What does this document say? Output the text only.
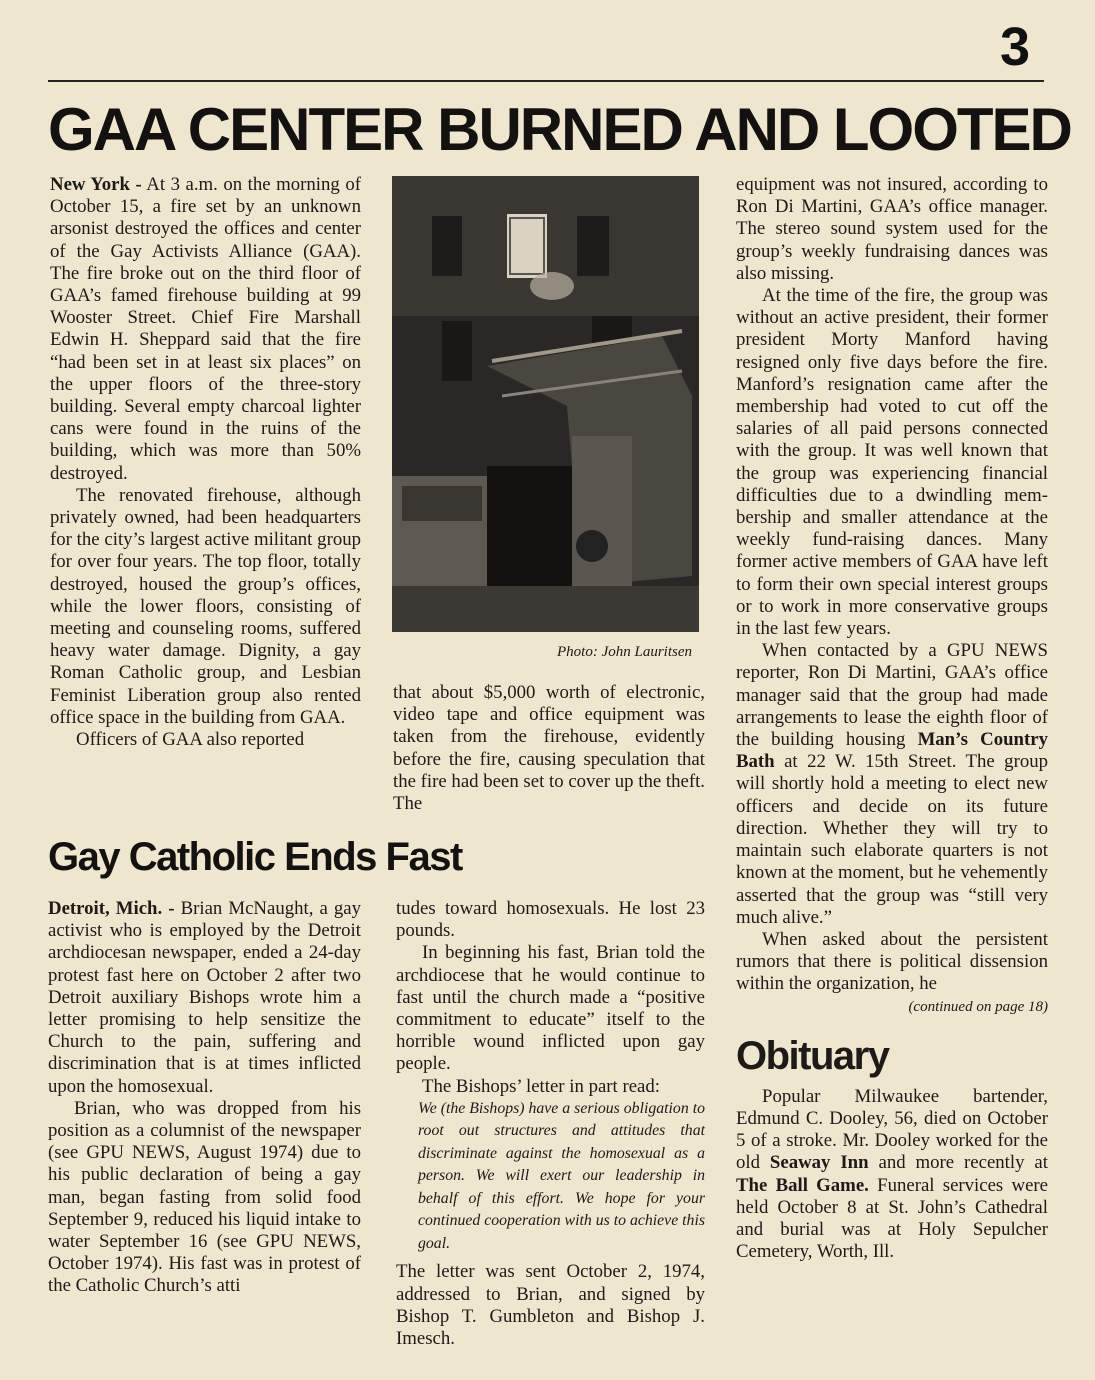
3
GAA CENTER BURNED AND LOOTED

New York - At 3 a.m. on the morning of October 15, a fire set by an unknown arsonist destroyed the offices and center of the Gay Activists Alliance (GAA). The fire broke out on the third floor of GAA’s famed firehouse building at 99 Wooster Street. Chief Fire Marshall Edwin H. Sheppard said that the fire “had been set in at least six places” on the upper floors of the three-story building. Several empty charcoal lighter cans were found in the ruins of the building, which was more than 50% destroyed.

The renovated firehouse, although privately owned, had been headquarters for the city’s largest active militant group for over four years. The top floor, totally destroyed, housed the group’s offices, while the lower floors, consisting of meeting and counseling rooms, suffered heavy water damage. Dignity, a gay Roman Catholic group, and Lesbian Feminist Liberation group also rented office space in the building from GAA.

Officers of GAA also reported

Photo: John Lauritsen

that about $5,000 worth of electronic, video tape and office equipment was taken from the firehouse, evidently before the fire, causing speculation that the fire had been set to cover up the theft. The

equipment was not insured, according to Ron Di Martini, GAA’s office manager. The stereo sound system used for the group’s weekly fundraising dances was also missing.

At the time of the fire, the group was without an active president, their former president Morty Manford having resigned only five days before the fire. Manford’s resignation came after the membership had voted to cut off the salaries of all paid persons connected with the group. It was well known that the group was experiencing financial difficulties due to a dwindling membership and smaller attendance at the weekly fund-raising dances. Many former active members of GAA have left to form their own special interest groups or to work in more conservative groups in the last few years.

When contacted by a GPU NEWS reporter, Ron Di Martini, GAA’s office manager said that the group had made arrangements to lease the eighth floor of the building housing Man’s Country Bath at 22 W. 15th Street. The group will shortly hold a meeting to elect new officers and decide on its future direction. Whether they will try to maintain such elaborate quarters is not known at the moment, but he vehemently asserted that the group was “still very much alive.”

When asked about the persistent rumors that there is political dissension within the organization, he

(continued on page 18)
Obituary

Popular Milwaukee bartender, Edmund C. Dooley, 56, died on October 5 of a stroke. Mr. Dooley worked for the old Seaway Inn and more recently at The Ball Game. Funeral services were held October 8 at St. John’s Cathedral and burial was at Holy Sepulcher Cemetery, Worth, Ill.

Gay Catholic Ends Fast

Detroit, Mich. - Brian McNaught, a gay activist who is employed by the Detroit archdiocesan newspaper, ended a 24-day protest fast here on October 2 after two Detroit auxiliary Bishops wrote him a letter promising to help sensitize the Church to the pain, suffering and discrimination that is at times inflicted upon the homosexual.

Brian, who was dropped from his position as a columnist of the newspaper (see GPU NEWS, August 1974) due to his public declaration of being a gay man, began fasting from solid food September 9, reduced his liquid intake to water September 16 (see GPU NEWS, October 1974). His fast was in protest of the Catholic Church’s atti

tudes toward homosexuals. He lost 23 pounds.

In beginning his fast, Brian told the archdiocese that he would continue to fast until the church made a “positive commitment to educate” itself to the horrible wound inflicted upon gay people.

The Bishops’ letter in part read:

We (the Bishops) have a serious obligation to root out structures and attitudes that discriminate against the homosexual as a person. We will exert our leadership in behalf of this effort. We hope for your continued cooperation with us to achieve this goal.

The letter was sent October 2, 1974, addressed to Brian, and signed by Bishop T. Gumbleton and Bishop J. Imesch.
